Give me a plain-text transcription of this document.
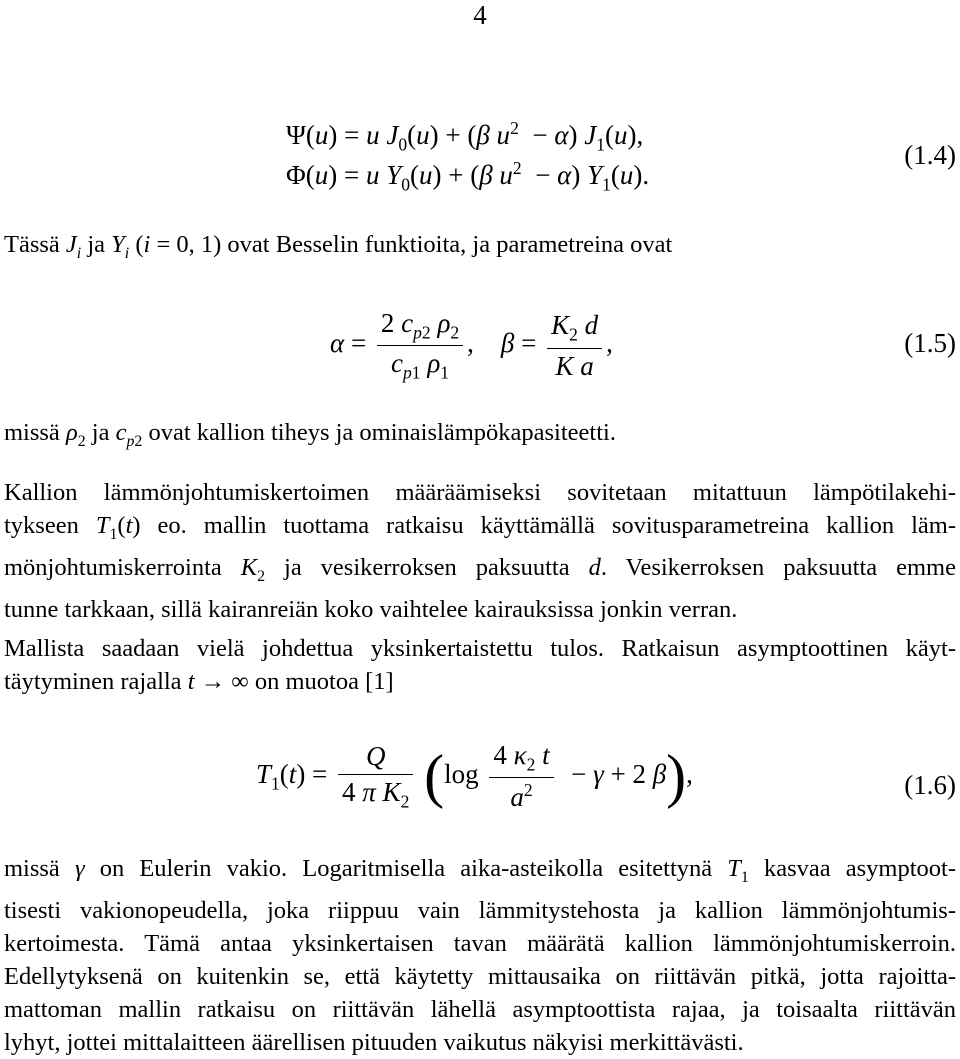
4
Ψ(u) = u $J_0(u) + (\beta$ $u^2 - \alpha$) $J_1(u)$,
Φ(u) = u $Y_0(u) + (\beta$ $u^2 - \alpha$) $Y_1(u)$.
(1.4)
Tässä $J_i$ ja $Y_i$ (i = 0, 1) ovat Besselin funktioita, ja parametreina ovat
$\alpha = \frac{2 c_{p2} \rho_2}{c_{p1} \rho_1}$ ,    $\beta = \frac{K_2 d}{\text{K a}}$ ,	(1.5)
missä $\rho_2$ ja $c_{p2}$ ovat kallion tiheys ja ominaislämpökapasiteetti.
Kallion lämmönjohtumiskertoimen määräämiseksi sovitetaan mitattuun lämpötilakehi-
tykseen $T_1(t)$ eo. mallin tuottama ratkaisu käyttämällä sovitusparametreina kallion läm-
mönjohtumiskerrointa $K_2$ ja vesikerroksen paksuutta d. Vesikerroksen paksuutta emme
tunne tarkkaan, sillä kairanreiän koko vaihtelee kairauksissa jonkin verran.
Mallista saadaan vielä johdettua yksinkertaistettu tulos. Ratkaisun asymptoottinen käyt-
täytyminen rajalla t → ∞ on muotoa [1]
$T_1(t) = \frac{Q}{4 \pi K_2} (\log \frac{4 \kappa_2 t}{a^2} - \gamma + 2$ β),	(1.6)
missä γ on Eulerin vakio. Logaritmisella aika-asteikolla esitettynä $T_1$ kasvaa asymptoot-
tisesti vakionopeudella, joka riippuu vain lämmitystehosta ja kallion lämmönjohtumis-
kertoimesta. Tämä antaa yksinkertaisen tavan määrätä kallion lämmönjohtumiskerroin.
Edellytyksenä on kuitenkin se, että käytetty mittausaika on riittävän pitkä, jotta rajoitta-
mattoman mallin ratkaisu on riittävän lähellä asymptoottista rajaa, ja toisaalta riittävän
lyhyt, jottei mittalaitteen äärellisen pituuden vaikutus näkyisi merkittävästi.
